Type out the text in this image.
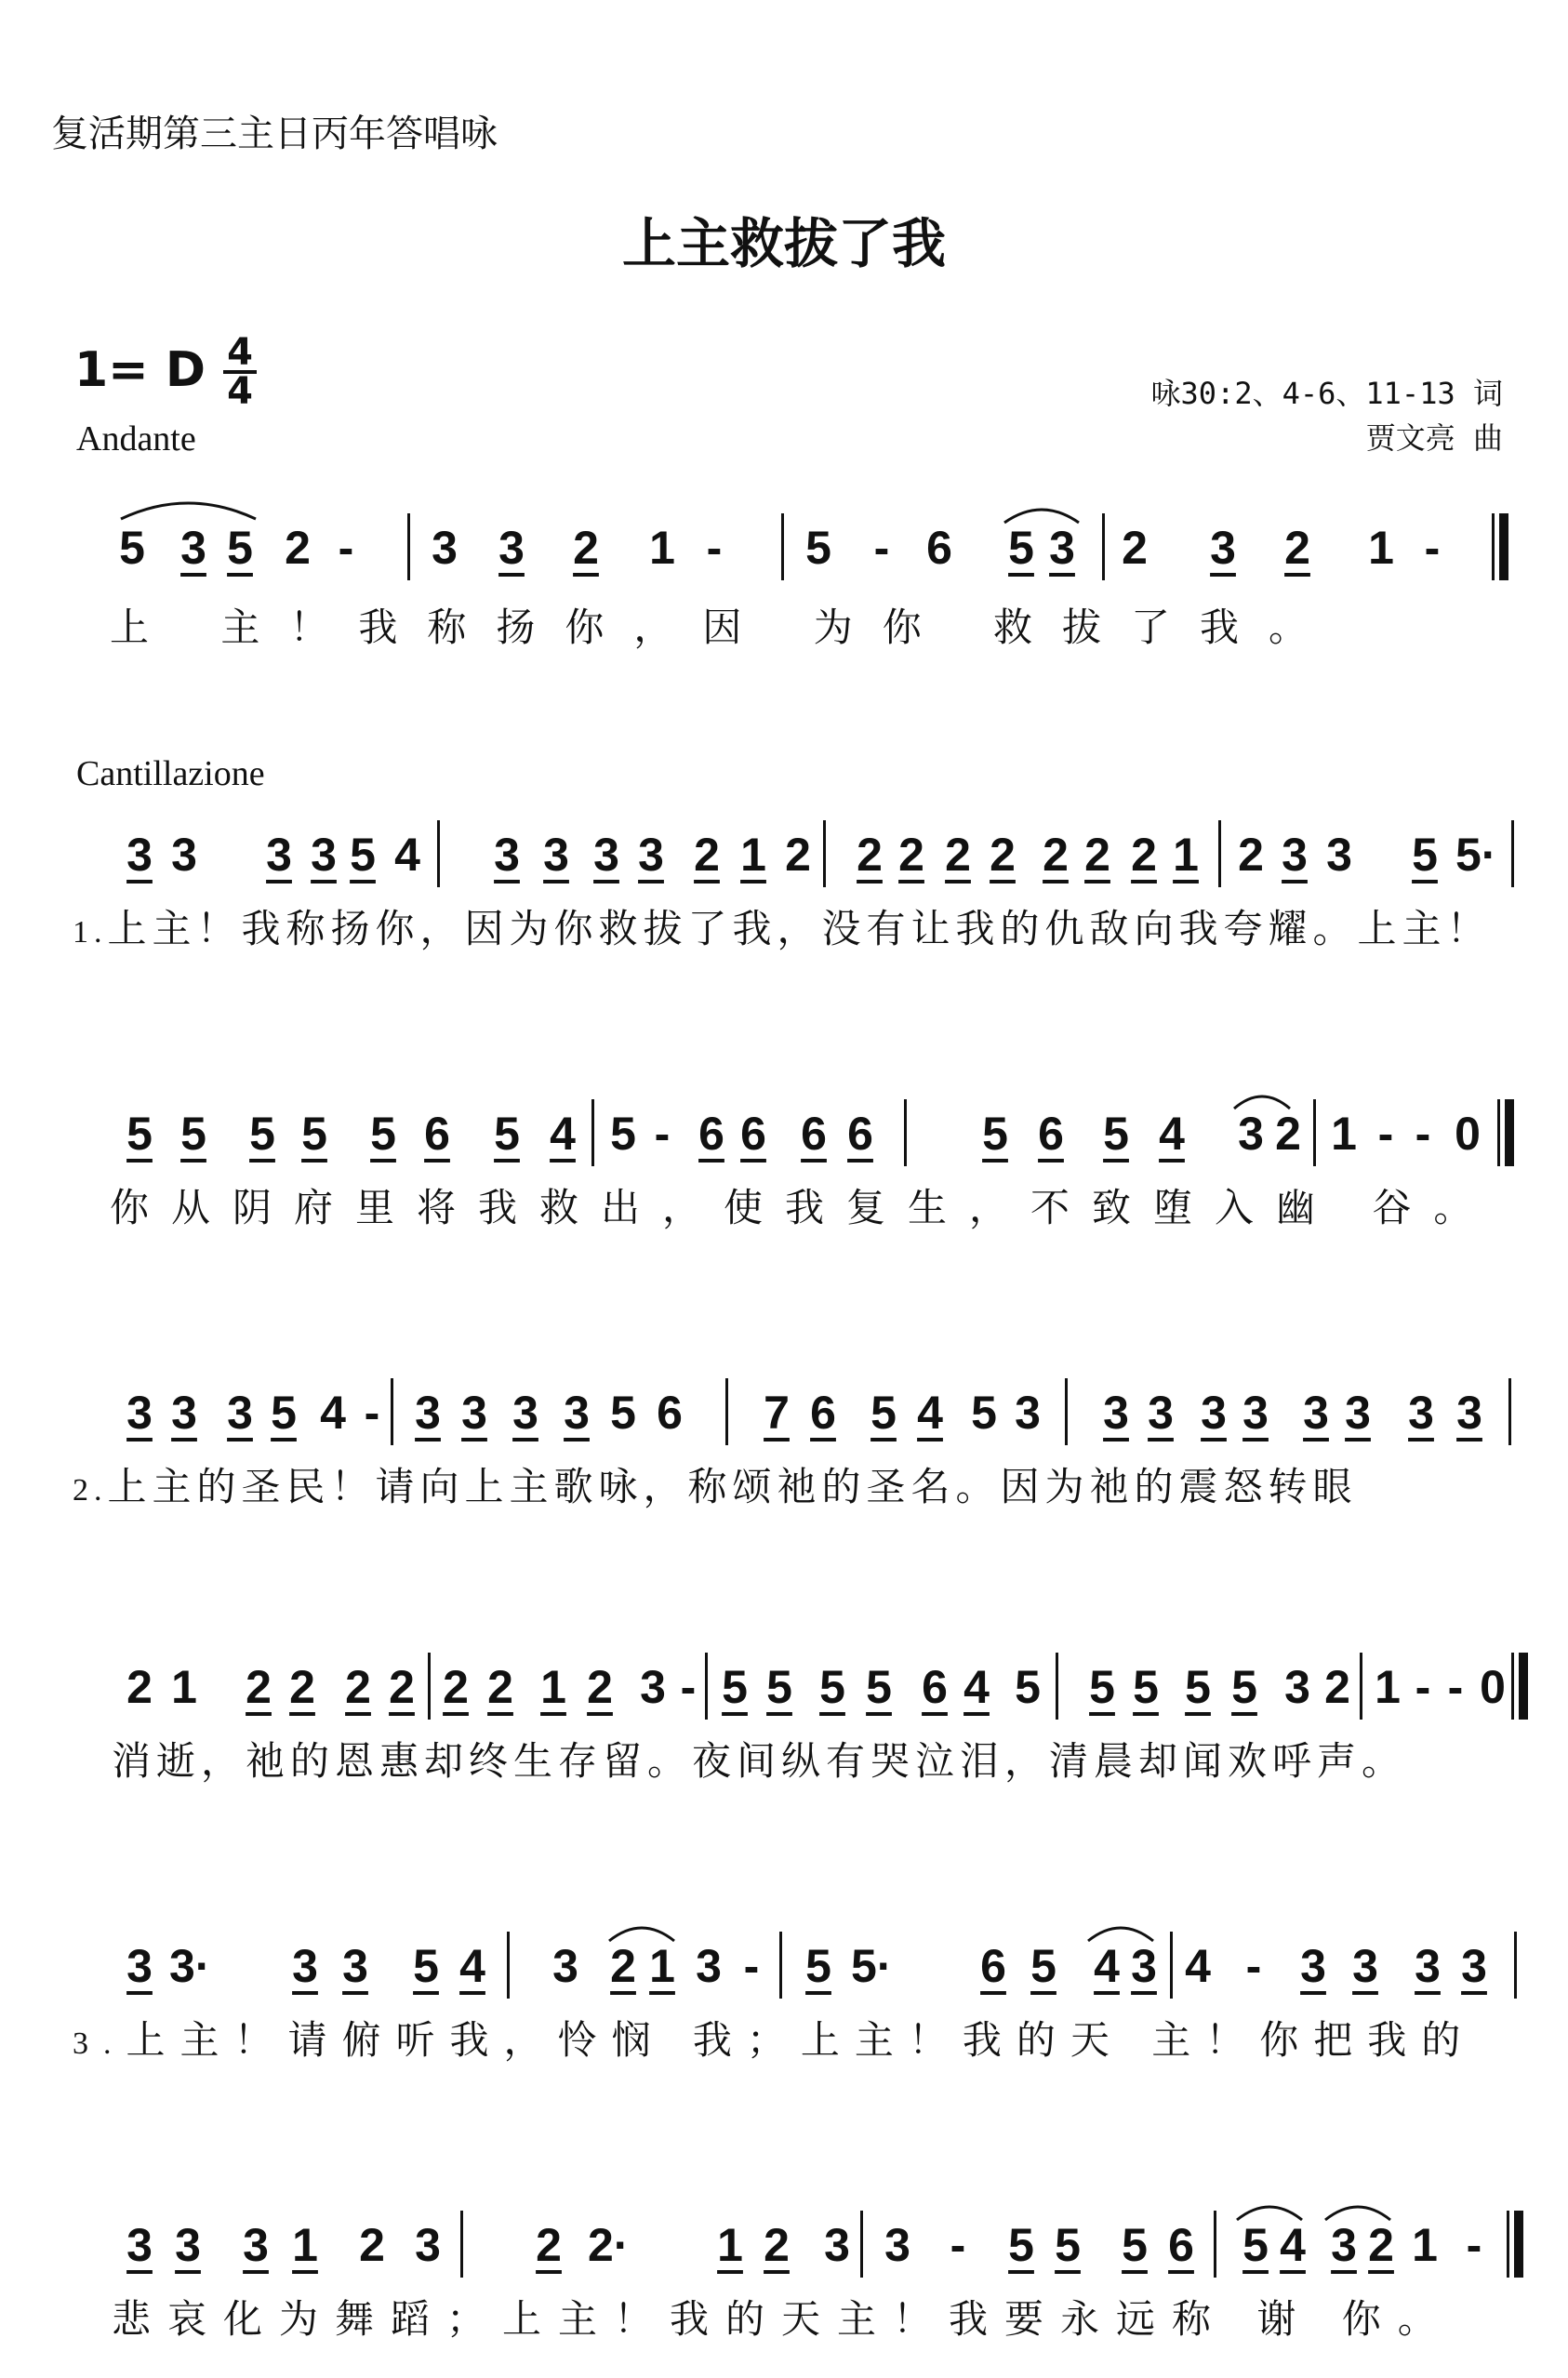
复活期第三主日丙年答唱咏
上主救拔了我
1= D 4
4
Andante
咏30:2、4-6、11-13 词
贾文亮 曲
5 3 5 2 - 3 3 2 1 - 5 - 6 5 3 2 3 2 1 -
上 主！我称扬你，因 为你 救拔了我。
Cantillazione
3 3 3 3 5 4 3 3 3 3 2 1 2 2 2 2 2 2 2 2 1 2 3 3 5 5·
1.上主！我称扬你，因为你救拔了我，没有让我的仇敌向我夸耀。上主！
5 5 5 5 5 6 5 4 5 - 6 6 6 6 5 6 5 4 3 2 1 - - 0
你从阴府里将我救出，使我复生，不致堕入幽 谷。
3 3 3 5 4 - 3 3 3 3 5 6 7 6 5 4 5 3 3 3 3 3 3 3 3 3
2.上主的圣民！请向上主歌咏，称颂祂的圣名。因为祂的震怒转眼
2 1 2 2 2 2 2 2 1 2 3 - 5 5 5 5 6 4 5 5 5 5 5 3 2 1 - - 0
消逝，祂的恩惠却终生存留。夜间纵有哭泣泪，清晨却闻欢呼声。
3 3· 3 3 5 4 3 2 1 3 - 5 5· 6 5 4 3 4 - 3 3 3 3
3.上主！请俯听我，怜悯 我；上主！我的天 主！你把我的
3 3 3 1 2 3 2 2· 1 2 3 3 - 5 5 5 6 5 4 3 2 1 -
悲哀化为舞蹈；上主！我的天主！我要永远称 谢 你。
